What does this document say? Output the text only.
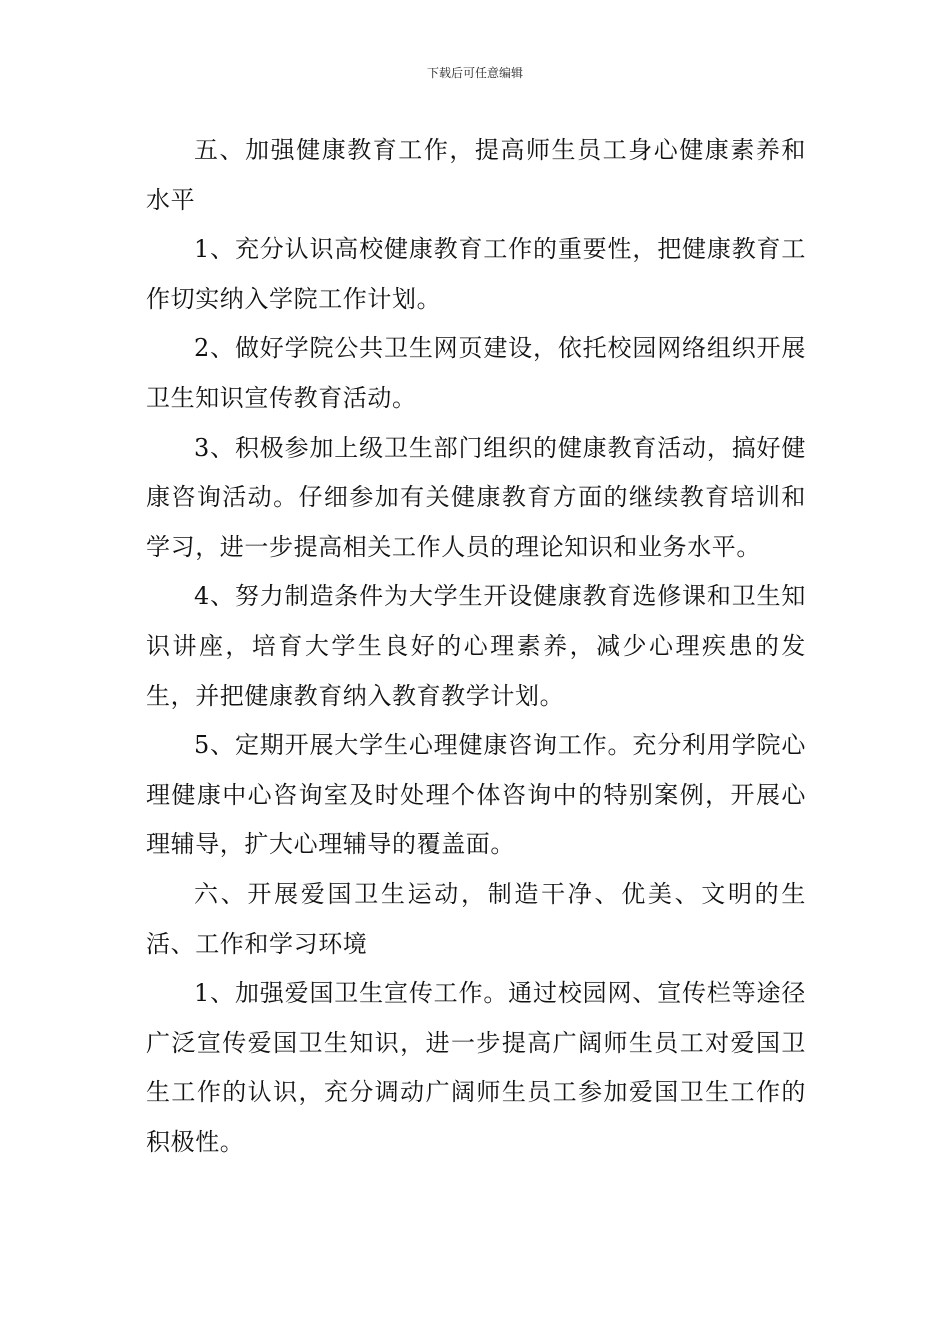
下载后可任意编辑

五、加强健康教育工作，提高师生员工身心健康素养和水平

1、充分认识高校健康教育工作的重要性，把健康教育工作切实纳入学院工作计划。

2、做好学院公共卫生网页建设，依托校园网络组织开展卫生知识宣传教育活动。

3、积极参加上级卫生部门组织的健康教育活动，搞好健康咨询活动。仔细参加有关健康教育方面的继续教育培训和学习，进一步提高相关工作人员的理论知识和业务水平。

4、努力制造条件为大学生开设健康教育选修课和卫生知识讲座，培育大学生良好的心理素养，减少心理疾患的发生，并把健康教育纳入教育教学计划。

5、定期开展大学生心理健康咨询工作。充分利用学院心理健康中心咨询室及时处理个体咨询中的特别案例，开展心理辅导，扩大心理辅导的覆盖面。

六、开展爱国卫生运动，制造干净、优美、文明的生活、工作和学习环境

1、加强爱国卫生宣传工作。通过校园网、宣传栏等途径广泛宣传爱国卫生知识，进一步提高广阔师生员工对爱国卫生工作的认识，充分调动广阔师生员工参加爱国卫生工作的积极性。
